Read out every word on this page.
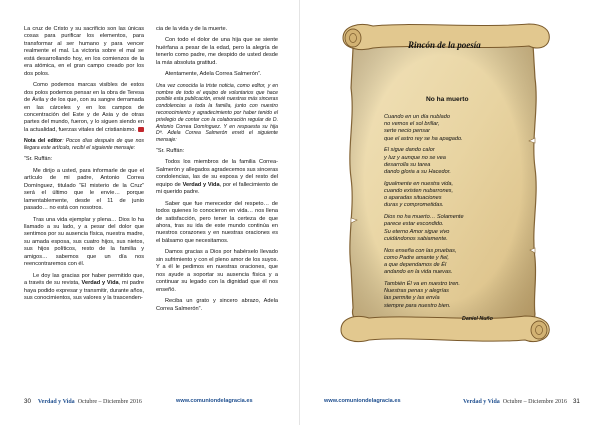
La cruz de Cristo y su sacrificio son las únicas cosas para purificar los elementos, para transformar al ser humano y para vencer realmente el mal. La victoria sobre el mal se está desarrollando hoy, en los comienzos de la era atómica, en el gran campo creado por los dos polos.

Como podemos marcas visibles de estos dos polos podemos pensar en la obra de Teresa de Ávila y de los que, con su sangre derramada en las cárceles y en los campos de concentración del Este y de Asia y de otras partes del mundo, fueron, y lo siguen siendo en la actualidad, fuerzas vitales del cristianismo.

Nota del editor: Pocos días después de que nos llegara este artículo, recibí el siguiente mensaje:

“Sr. Ruffán:

Me dirijo a usted, para informarle de que el artículo de mi padre, Antonio Correa Domínguez, titulado “El misterio de la Cruz” será el último que le envíe… porque lamentablemente, desde el 11 de junio pasado… no está con nosotros.

Tras una vida ejemplar y plena… Dios lo ha llamado a su lado, y a pesar del dolor que sentimos por su ausencia física, nuestra madre, su amada esposa, sus cuatro hijos, sus nietos, sus hijos políticos, resto de la familia y amigos… sabemos que un día nos reencontraremos con él.

Le doy las gracias por haber permitido que, a través de su revista, Verdad y Vida, mi padre haya podido expresar y transmitir, durante años, sus conocimientos, sus valores y la trascenden-

cia de la vida y de la muerte.

Con todo el dolor de una hija que se siente huérfana a pesar de la edad, pero la alegría de tenerlo como padre, me despido de usted desde la más absoluta gratitud.

Atentamente, Adela Correa Salmerón”.

Una vez conocida la triste noticia, como editor, y en nombre de todo el equipo de voluntarios que hace posible esta publicación, envié nuestras más sinceras condolencias a toda la familia, junto con nuestro reconocimiento y agradecimiento por haber tenido el privilegio de contar con la colaboración regular de D. Antonio Correa Domínguez. Y en respuesta su hija Dª. Adela Correa Salmerón envió el siguiente mensaje:

“Sr. Ruffán:

Todos los miembros de la familia Correa-Salmerón y allegados agradecemos sus sinceras condolencias, las de su esposa y del resto del equipo de Verdad y Vida, por el fallecimiento de mi querido padre.

Saber que fue merecedor del respeto… de todos quienes lo conocieron en vida… nos llena de satisfacción, pero tener la certeza de que ahora, tras su ida de este mundo continúa en nuestros corazones y en nuestras oraciones es el bálsamo que necesitamos.

Damos gracias a Dios por habérselo llevado sin sufrimiento y con el pleno amor de los suyos. Y a él le pedimos en nuestras oraciones, que nos ayude a soportar su ausencia física y a continuar su legado con la dignidad que él nos enseñó.

Reciba un grato y sincero abrazo, Adela Correa Salmerón”.

30 Verdad y Vida Octubre – Diciembre 2016	www.comuniondelagracia.es
Rincón de la poesía
No ha muerto
Cuando en un día nublado
no vemos el sol brillar,
serte necio pensar
que el astro rey se ha apagado.
El sigue dando calor
y luz y aunque no se vea
desarrolla su tarea
dando gloria a su Hacedor.
Igualmente en nuestra vida,
cuando existen nubarrones,
o aparadas situaciones
duras y comprometidas.
Dios no ha muerto… Solamente
parece estar escondido.
Su eterno Amor sigue vivo
cuidándonos sabiamente.
Nos enseña con las pruebas,
como Padre amante y fiel,
a que dependamos de Él
andando en la vida nuevas.
También Él va en nuestro tren.
Nuestras penas y alegrías
las permite y las envía
siempre para nuestro bien.
Daniel Nuño
www.comuniondelagracia.es	Verdad y Vida Octubre – Diciembre 2016 31
